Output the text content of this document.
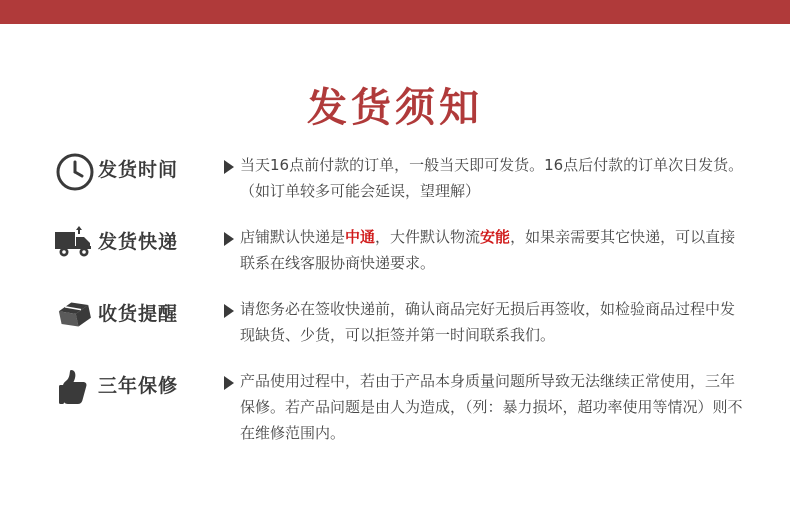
发货须知
发货时间	当天16点前付款的订单，一般当天即可发货。16点后付款的订单次日发货。（如订单较多可能会延误，望理解）
发货快递	店铺默认快递是中通，大件默认物流安能，如果亲需要其它快递，可以直接联系在线客服协商快递要求。
收货提醒	请您务必在签收快递前，确认商品完好无损后再签收，如检验商品过程中发现缺货、少货，可以拒签并第一时间联系我们。
三年保修	产品使用过程中，若由于产品本身质量问题所导致无法继续正常使用，三年保修。若产品问题是由人为造成，（列：暴力损坏，超功率使用等情况）则不在维修范围内。
